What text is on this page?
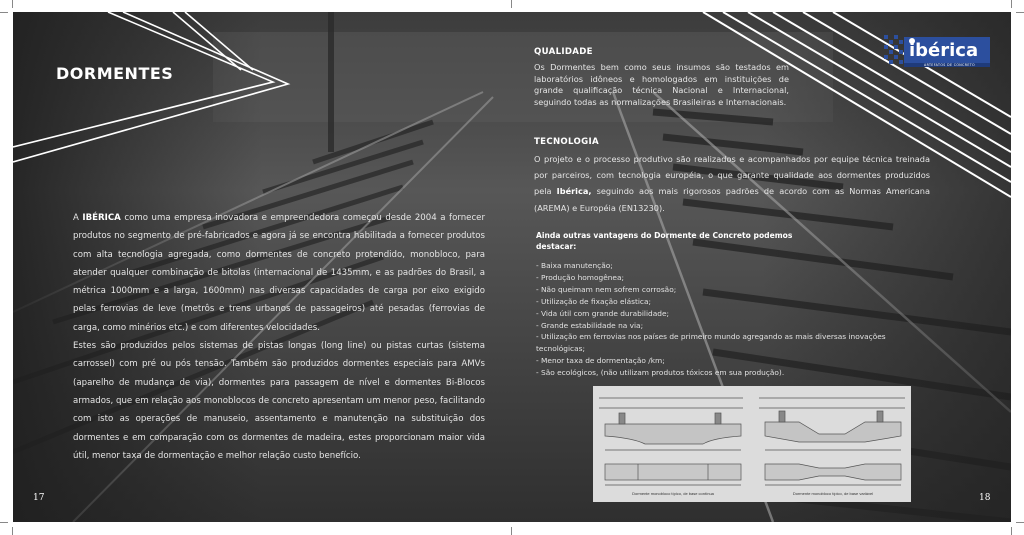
DORMENTES

A IBÉRICA como uma empresa inovadora e empreendedora começou desde 2004 a fornecer produtos no segmento de pré-fabricados e agora já se encontra habilitada a fornecer produtos com alta tecnologia agregada, como dormentes de concreto protendido, monobloco, para atender qualquer combinação de bitolas (internacional de 1435mm, e as padrões do Brasil, a métrica 1000mm e a larga, 1600mm) nas diversas capacidades de carga por eixo exigido pelas ferrovias de leve (metrôs e trens urbanos de passageiros) até pesadas (ferrovias de carga, como minérios etc.) e com diferentes velocidades.

Estes são produzidos pelos sistemas de pistas longas (long line) ou pistas curtas (sistema carrossel) com pré ou pós tensão. Também são produzidos dormentes especiais para AMVs (aparelho de mudança de via), dormentes para passagem de nível e dormentes Bi-Blocos armados, que em relação aos monoblocos de concreto apresentam um menor peso, facilitando com isto as operações de manuseio, assentamento e manutenção na substituição dos dormentes e em comparação com os dormentes de madeira, estes proporcionam maior vida útil, menor taxa de dormentação e melhor relação custo benefício.

QUALIDADE
Os Dormentes bem como seus insumos são testados em laboratórios idôneos e homologados em instituições de grande qualificação técnica Nacional e Internacional, seguindo todas as normalizações Brasileiras e Internacionais.
TECNOLOGIA
O projeto e o processo produtivo são realizados e acompanhados por equipe técnica treinada por parceiros, com tecnologia européia, o que garante qualidade aos dormentes produzidos pela Ibérica, seguindo aos mais rigorosos padrões de acordo com as Normas Americana (AREMA) e Européia (EN13230).
Ainda outras vantagens do Dormente de Concreto podemos destacar:
- Baixa manutenção;
- Produção homogênea;
- Não queimam nem sofrem corrosão;
- Utilização de fixação elástica;
- Vida útil com grande durabilidade;
- Grande estabilidade na via;
- Utilização em ferrovias nos países de primeiro mundo agregando as mais diversas inovações tecnológicas;
- Menor taxa de dormentação /km;
- São ecológicos, (não utilizam produtos tóxicos em sua produção).
Dormente monobloco típico, de base contínua	Dormente monobloco típico, de base variável
ibérica
ARTEFATOS DE CONCRETO
17	18
